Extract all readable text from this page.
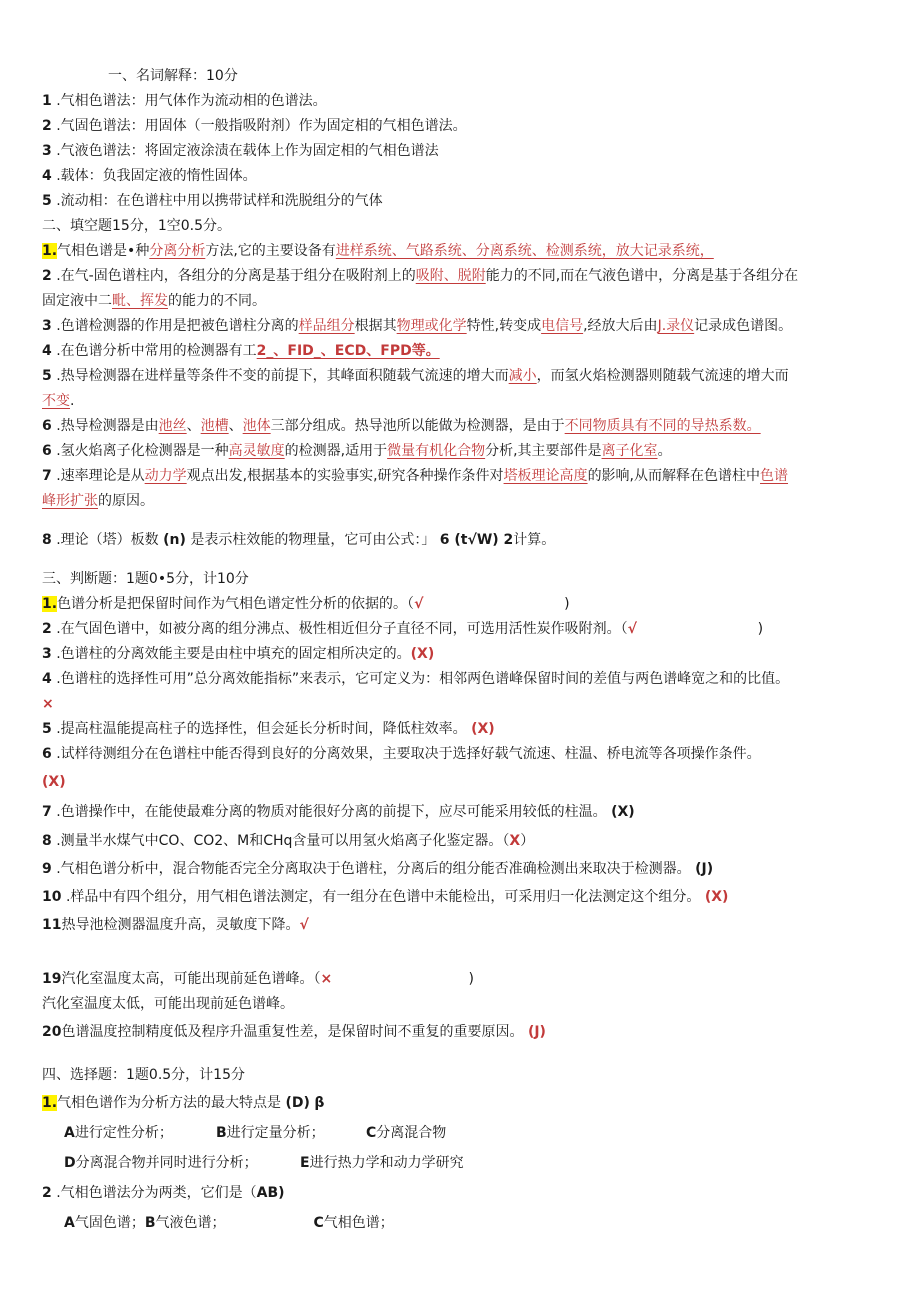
一、名词解释：10分
1 .气相色谱法：用气体作为流动相的色谱法。
2 .气固色谱法：用固体（一般指吸附剂）作为固定相的气相色谱法。
3 .气液色谱法：将固定液涂渍在载体上作为固定相的气相色谱法
4 .载体：负我固定液的惰性固体。
5 .流动相：在色谱柱中用以携带试样和洗脱组分的气体
二、填空题15分，1空0.5分。
1.气相色谱是•种分离分析方法,它的主要设备有进样系统、气路系统、分离系统、检测系统，放大记录系统，
2 .在气-固色谱柱内，各组分的分离是基于组分在吸附剂上的吸附、脱附能力的不同,而在气液色谱中，分离是基于各组分在
固定液中二毗、挥发的能力的不同。
3 .色谱检测器的作用是把被色谱柱分离的样品组分根据其物理或化学特性,转变成电信号,经放大后由J.录仪记录成色谱图。
4 .在色谱分析中常用的检测器有工2_、FID_、ECD、FPD等。
5 .热导检测器在进样量等条件不变的前提下，其峰面积随载气流速的增大而减小，而氢火焰检测器则随载气流速的增大而
不变.
6 .热导检测器是由池丝、池槽、池体三部分组成。热导池所以能做为检测器，是由于不同物质具有不同的导热系数。
6 .氢火焰离子化检测器是一种高灵敏度的检测器,适用于微量有机化合物分析,其主要部件是离子化室。
7 .速率理论是从动力学观点出发,根据基本的实验事实,研究各种操作条件对塔板理论高度的影响,从而解释在色谱柱中色谱
峰形扩张的原因。
8 .理论（塔）板数 (n) 是表示柱效能的物理量，它可由公式：」 6 (t√W) 2计算。
三、判断题：1题0•5分，计10分
1.色谱分析是把保留时间作为气相色谱定性分析的依据的。（√	)
2 .在气固色谱中，如被分离的组分沸点、极性相近但分子直径不同，可选用活性炭作吸附剂。（√	)
3 .色谱柱的分离效能主要是由柱中填充的固定相所决定的。(X)
4 .色谱柱的选择性可用”总分离效能指标”来表示，它可定义为：相邻两色谱峰保留时间的差值与两色谱峰宽之和的比值。
×
5 .提高柱温能提高柱子的选择性，但会延长分析时间，降低柱效率。 (X)
6 .试样待测组分在色谱柱中能否得到良好的分离效果，主要取决于选择好载气流速、柱温、桥电流等各项操作条件。
(X)
7 .色谱操作中，在能使最难分离的物质对能很好分离的前提下，应尽可能采用较低的柱温。 (X)
8 .测量半水煤气中CO、CO2、M和CHq含量可以用氢火焰离子化鉴定器。（X）
9 .气相色谱分析中，混合物能否完全分离取决于色谱柱，分离后的组分能否准确检测出来取决于检测器。 (J)
10 .样品中有四个组分，用气相色谱法测定，有一组分在色谱中未能检出，可采用归一化法测定这个组分。 (X)
11热导池检测器温度升高，灵敏度下降。√
19汽化室温度太高，可能出现前延色谱峰。（×	)
汽化室温度太低，可能出现前延色谱峰。
20色谱温度控制精度低及程序升温重复性差，是保留时间不重复的重要原因。 (J)
四、选择题：1题0.5分，计15分
1.气相色谱作为分析方法的最大特点是 (D) β
A进行定性分析；	B进行定量分析；	C分离混合物
D分离混合物并同时进行分析；	E进行热力学和动力学研究
2 .气相色谱法分为两类，它们是（AB)
A气固色谱；B气液色谱；	C气相色谱；
